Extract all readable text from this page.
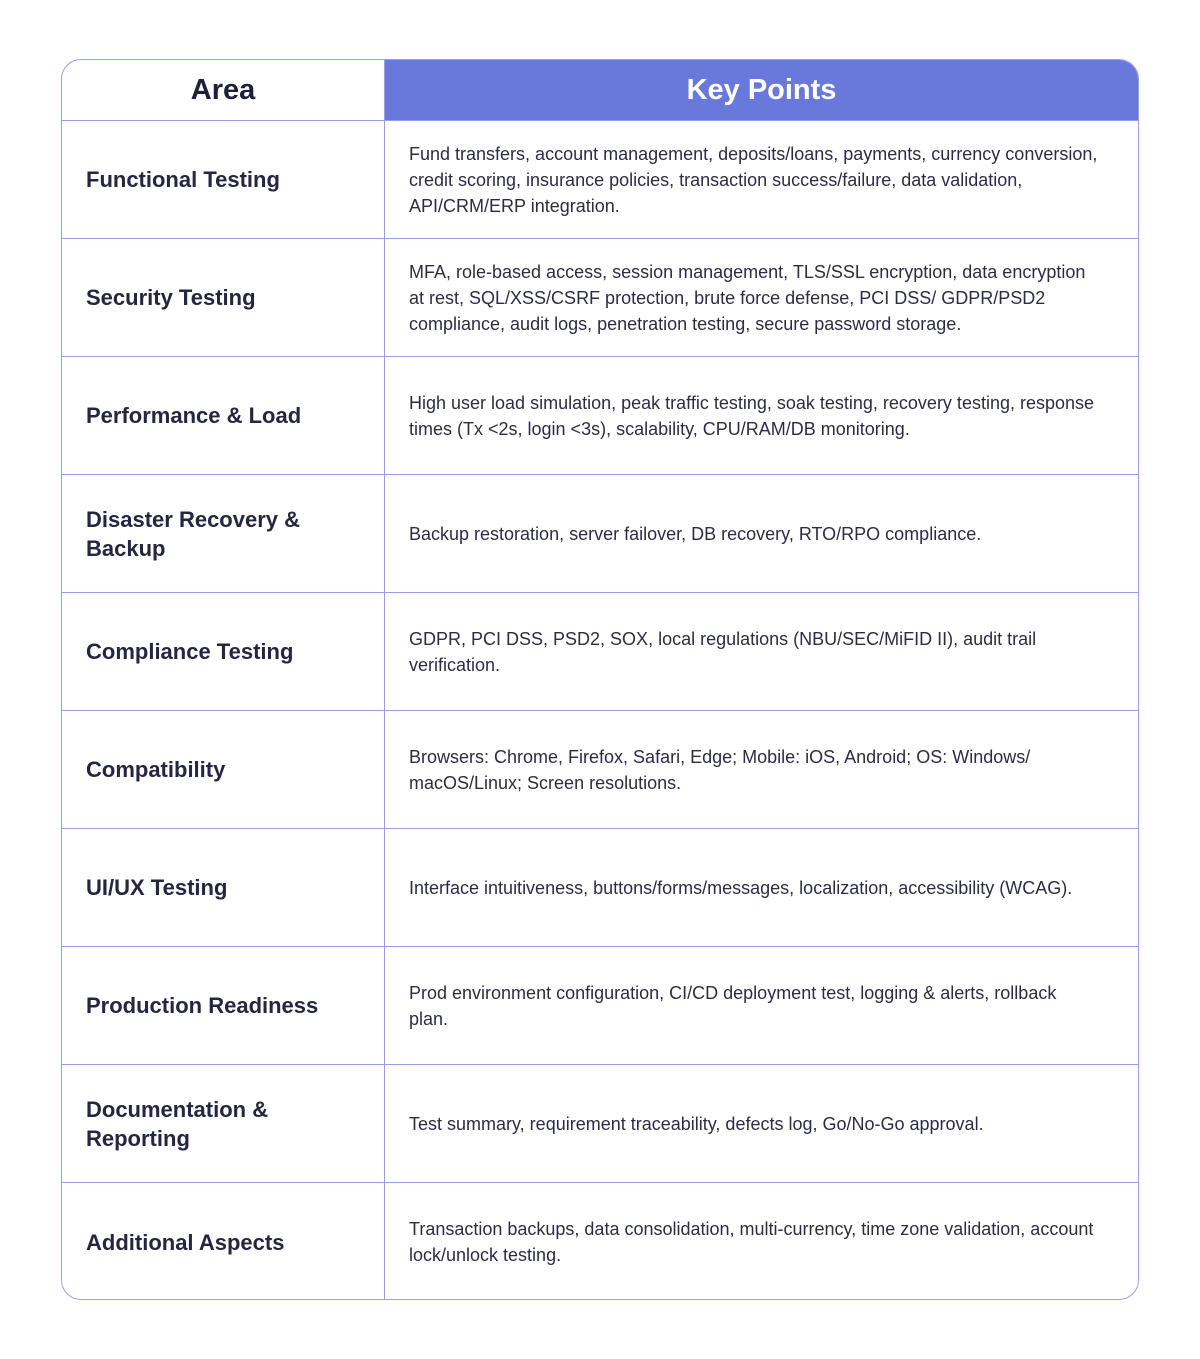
Area	Key Points
Functional Testing
Fund transfers, account management, deposits/loans, payments, currency conversion, credit scoring, insurance policies, transaction success/failure, data validation, API/CRM/ERP integration.
Security Testing
MFA, role-based access, session management, TLS/SSL encryption, data encryption at rest, SQL/XSS/CSRF protection, brute force defense, PCI DSS/ GDPR/PSD2 compliance, audit logs, penetration testing, secure password storage.
Performance & Load
High user load simulation, peak traffic testing, soak testing, recovery testing, response times (Tx <2s, login <3s), scalability, CPU/RAM/DB monitoring.
Disaster Recovery & Backup
Backup restoration, server failover, DB recovery, RTO/RPO compliance.
Compliance Testing
GDPR, PCI DSS, PSD2, SOX, local regulations (NBU/SEC/MiFID II), audit trail verification.
Compatibility
Browsers: Chrome, Firefox, Safari, Edge; Mobile: iOS, Android; OS: Windows/ macOS/Linux; Screen resolutions.
UI/UX Testing	Interface intuitiveness, buttons/forms/messages, localization, accessibility (WCAG).
Production Readiness
Prod environment configuration, CI/CD deployment test, logging & alerts, rollback plan.
Documentation & Reporting
Test summary, requirement traceability, defects log, Go/No-Go approval.
Additional Aspects
Transaction backups, data consolidation, multi-currency, time zone validation, account lock/unlock testing.
